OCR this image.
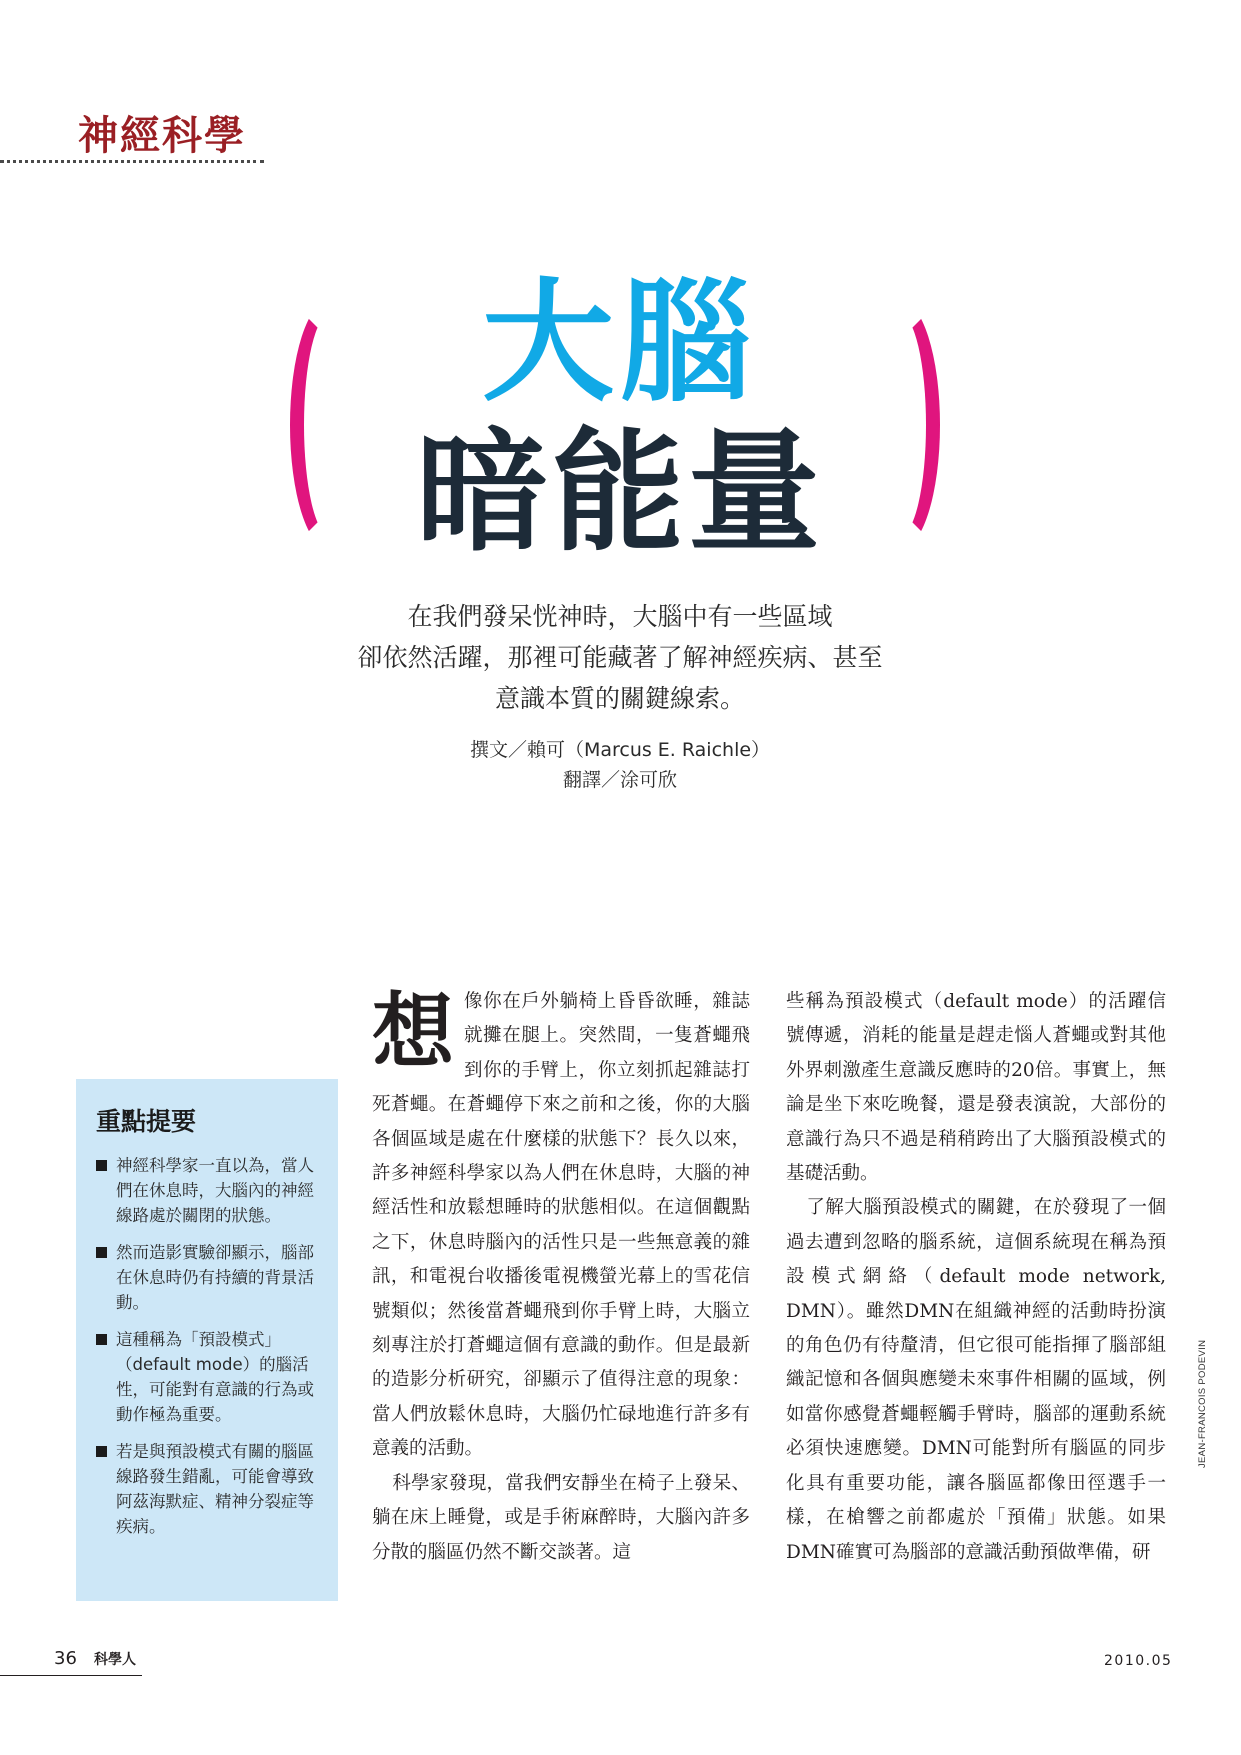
神經科學
大腦
暗能量
在我們發呆恍神時，大腦中有一些區域
卻依然活躍，那裡可能藏著了解神經疾病、甚至
意識本質的關鍵線索。
撰文／賴可（Marcus E. Raichle）
翻譯／涂可欣
重點提要
神經科學家一直以為，當人們在休息時，大腦內的神經線路處於關閉的狀態。
然而造影實驗卻顯示，腦部在休息時仍有持續的背景活動。
這種稱為「預設模式」（default mode）的腦活性，可能對有意識的行為或動作極為重要。
若是與預設模式有關的腦區線路發生錯亂，可能會導致阿茲海默症、精神分裂症等疾病。

想像你在戶外躺椅上昏昏欲睡，雜誌就攤在腿上。突然間，一隻蒼蠅飛到你的手臂上，你立刻抓起雜誌打死蒼蠅。在蒼蠅停下來之前和之後，你的大腦各個區域是處在什麼樣的狀態下？長久以來，許多神經科學家以為人們在休息時，大腦的神經活性和放鬆想睡時的狀態相似。在這個觀點之下，休息時腦內的活性只是一些無意義的雜訊，和電視台收播後電視機螢光幕上的雪花信號類似；然後當蒼蠅飛到你手臂上時，大腦立刻專注於打蒼蠅這個有意識的動作。但是最新的造影分析研究，卻顯示了值得注意的現象：當人們放鬆休息時，大腦仍忙碌地進行許多有意義的活動。

科學家發現，當我們安靜坐在椅子上發呆、躺在床上睡覺，或是手術麻醉時，大腦內許多分散的腦區仍然不斷交談著。這

些稱為預設模式（default mode）的活躍信號傳遞，消耗的能量是趕走惱人蒼蠅或對其他外界刺激產生意識反應時的20倍。事實上，無論是坐下來吃晚餐，還是發表演說，大部份的意識行為只不過是稍稍跨出了大腦預設模式的基礎活動。

了解大腦預設模式的關鍵，在於發現了一個過去遭到忽略的腦系統，這個系統現在稱為預設模式網絡（default mode network, DMN）。雖然DMN在組織神經的活動時扮演的角色仍有待釐清，但它很可能指揮了腦部組織記憶和各個與應變未來事件相關的區域，例如當你感覺蒼蠅輕觸手臂時，腦部的運動系統必須快速應變。DMN可能對所有腦區的同步化具有重要功能，讓各腦區都像田徑選手一樣，在槍響之前都處於「預備」狀態。如果DMN確實可為腦部的意識活動預做準備，研

JEAN-FRANCOIS PODEVIN
36 科學人	2010.05
